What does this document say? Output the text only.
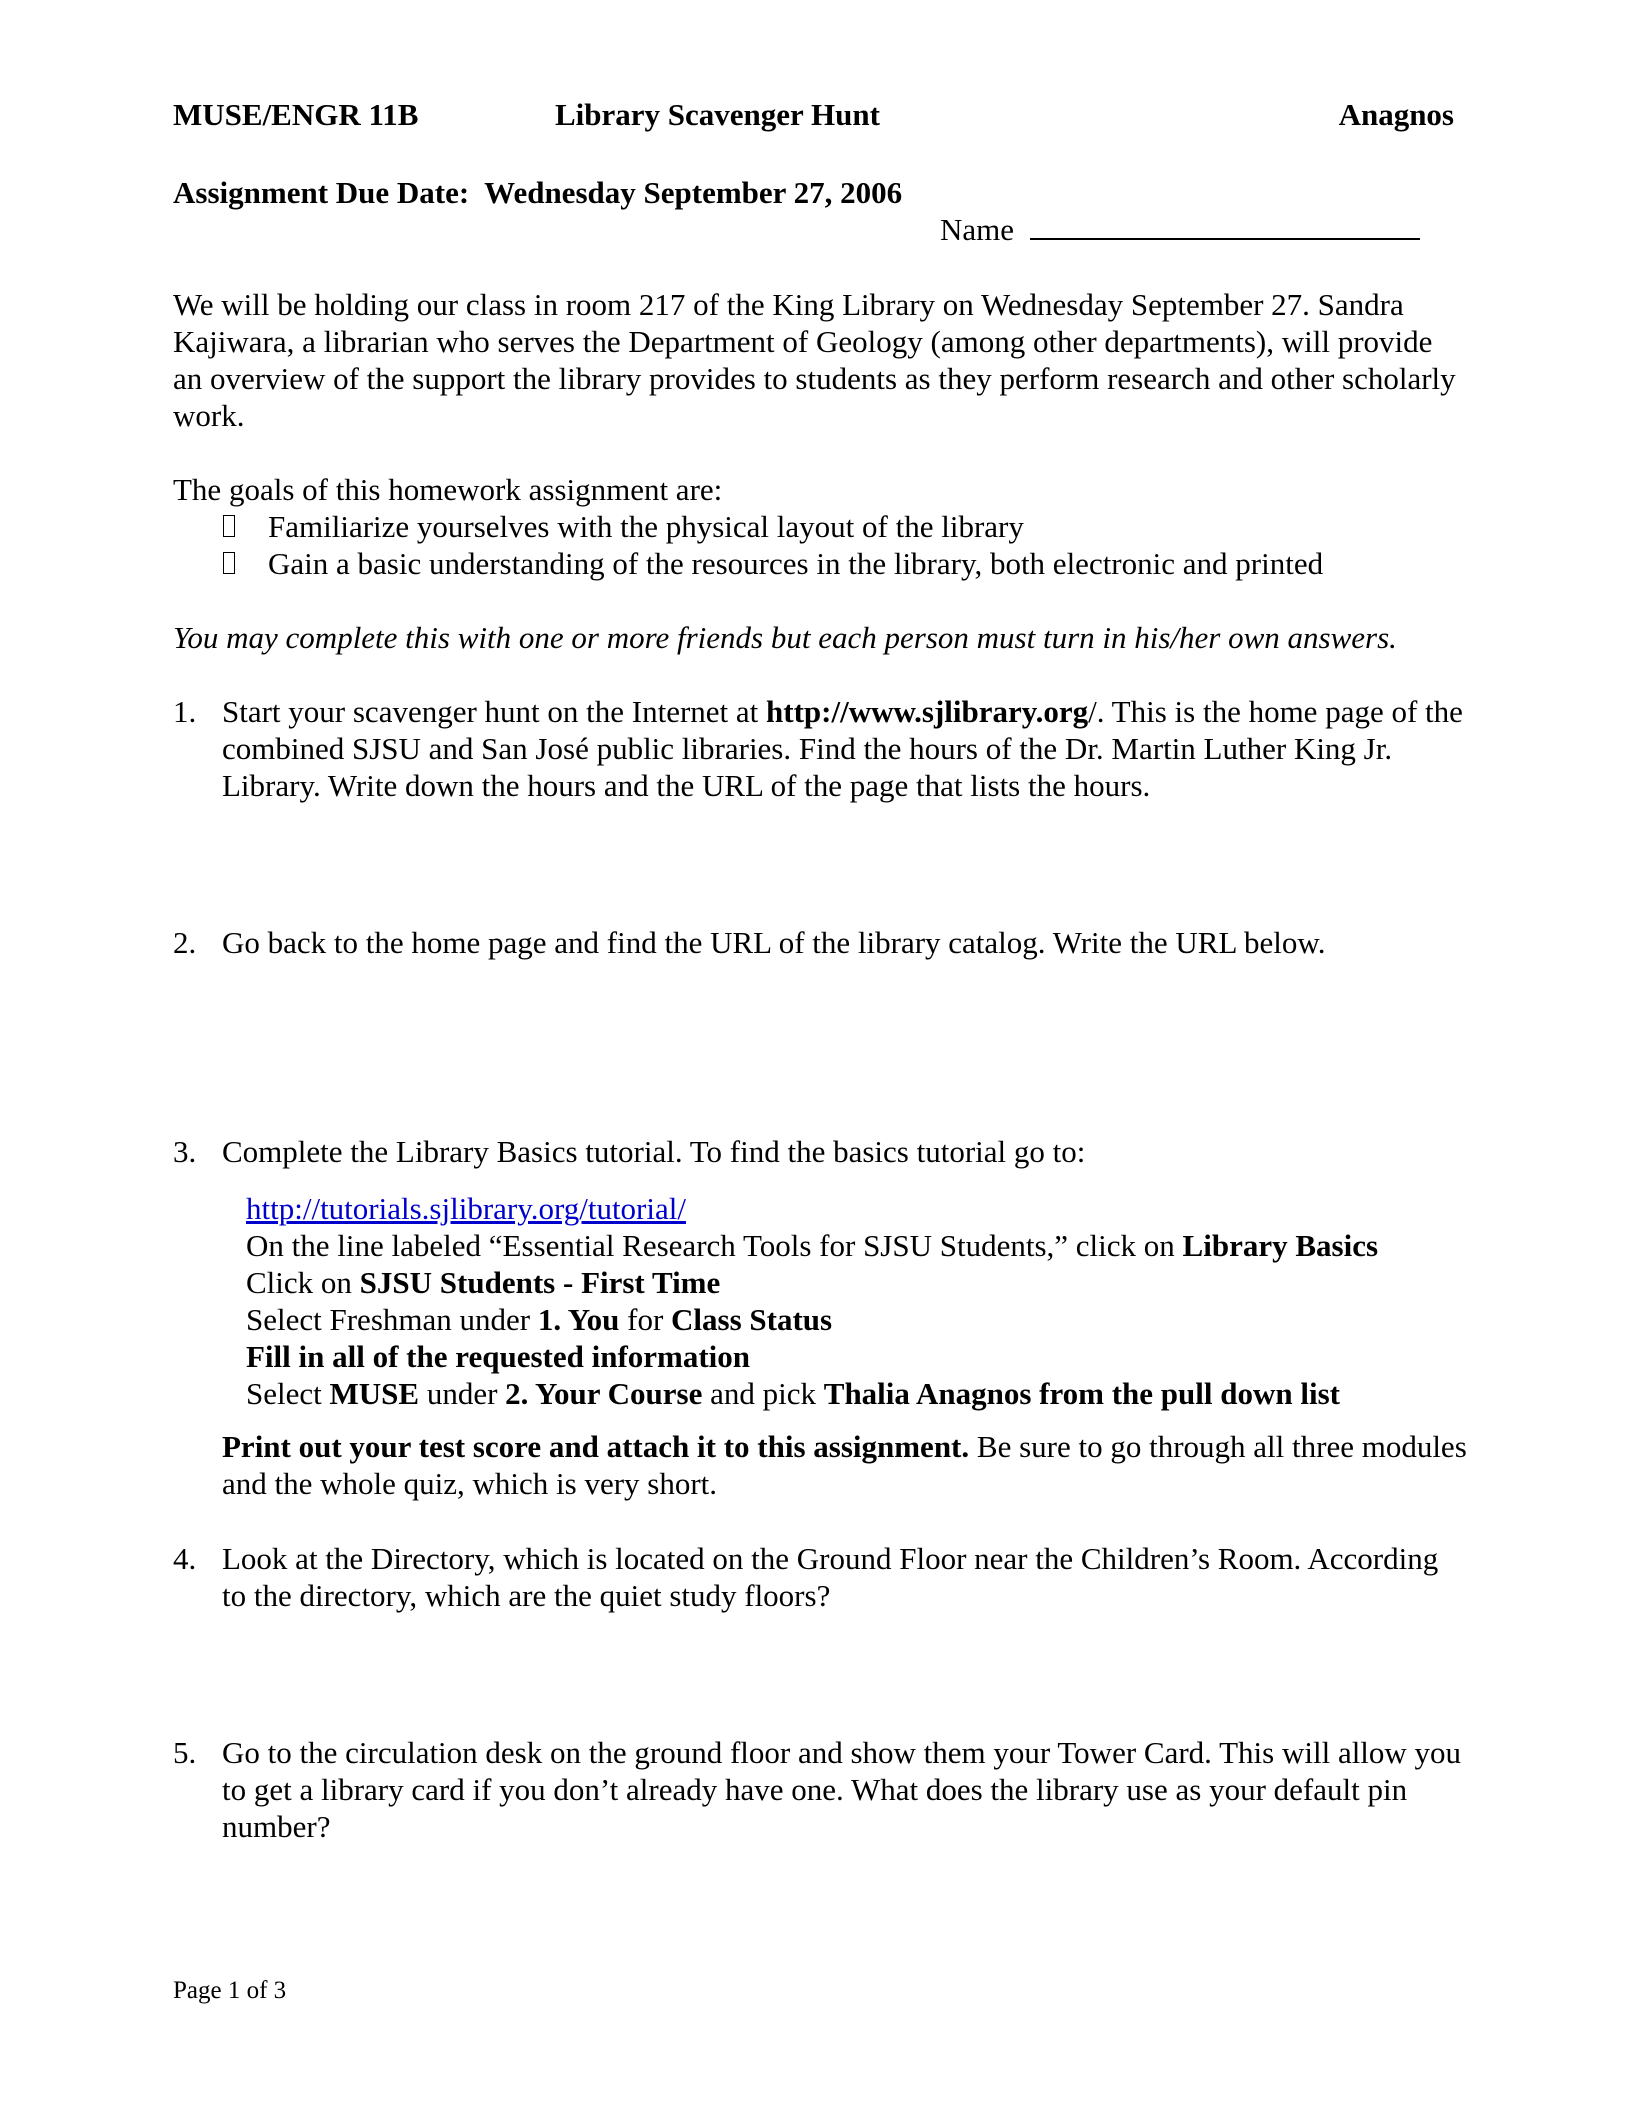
MUSE/ENGR 11B	Library Scavenger Hunt	Anagnos
Assignment Due Date: Wednesday September 27, 2006
Name

We will be holding our class in room 217 of the King Library on Wednesday September 27. Sandra Kajiwara, a librarian who serves the Department of Geology (among other departments), will provide an overview of the support the library provides to students as they perform research and other scholarly work.

The goals of this homework assignment are:

Familiarize yourselves with the physical layout of the library
Gain a basic understanding of the resources in the library, both electronic and printed

You may complete this with one or more friends but each person must turn in his/her own answers.

1. Start your scavenger hunt on the Internet at http://www.sjlibrary.org/. This is the home page of the combined SJSU and San José public libraries. Find the hours of the Dr. Martin Luther King Jr. Library. Write down the hours and the URL of the page that lists the hours.
2. Go back to the home page and find the URL of the library catalog. Write the URL below.
3. Complete the Library Basics tutorial. To find the basics tutorial go to:
http://tutorials.sjlibrary.org/tutorial/
On the line labeled “Essential Research Tools for SJSU Students,” click on Library Basics
Click on SJSU Students - First Time
Select Freshman under 1. You for Class Status
Fill in all of the requested information
Select MUSE under 2. Your Course and pick Thalia Anagnos from the pull down list
Print out your test score and attach it to this assignment. Be sure to go through all three modules and the whole quiz, which is very short.
4. Look at the Directory, which is located on the Ground Floor near the Children’s Room. According to the directory, which are the quiet study floors?
5. Go to the circulation desk on the ground floor and show them your Tower Card. This will allow you to get a library card if you don’t already have one. What does the library use as your default pin number?
Page 1 of 3
